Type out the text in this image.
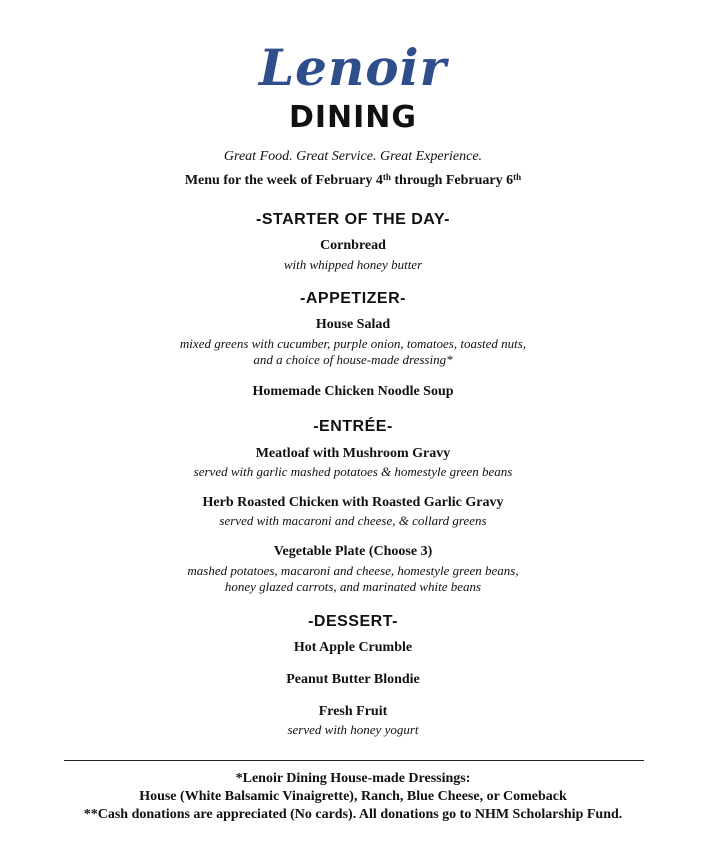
Lenoir
DINING
Great Food. Great Service. Great Experience.
Menu for the week of February 4th through February 6th
-STARTER OF THE DAY-
Cornbread
with whipped honey butter
-APPETIZER-
House Salad
mixed greens with cucumber, purple onion, tomatoes, toasted nuts,
and a choice of house-made dressing*
Homemade Chicken Noodle Soup
-ENTRÉE-
Meatloaf with Mushroom Gravy
served with garlic mashed potatoes & homestyle green beans
Herb Roasted Chicken with Roasted Garlic Gravy
served with macaroni and cheese, & collard greens
Vegetable Plate (Choose 3)
mashed potatoes, macaroni and cheese, homestyle green beans,
honey glazed carrots, and marinated white beans
-DESSERT-
Hot Apple Crumble
Peanut Butter Blondie
Fresh Fruit
served with honey yogurt
*Lenoir Dining House-made Dressings:
House (White Balsamic Vinaigrette), Ranch, Blue Cheese, or Comeback
**Cash donations are appreciated (No cards). All donations go to NHM Scholarship Fund.
